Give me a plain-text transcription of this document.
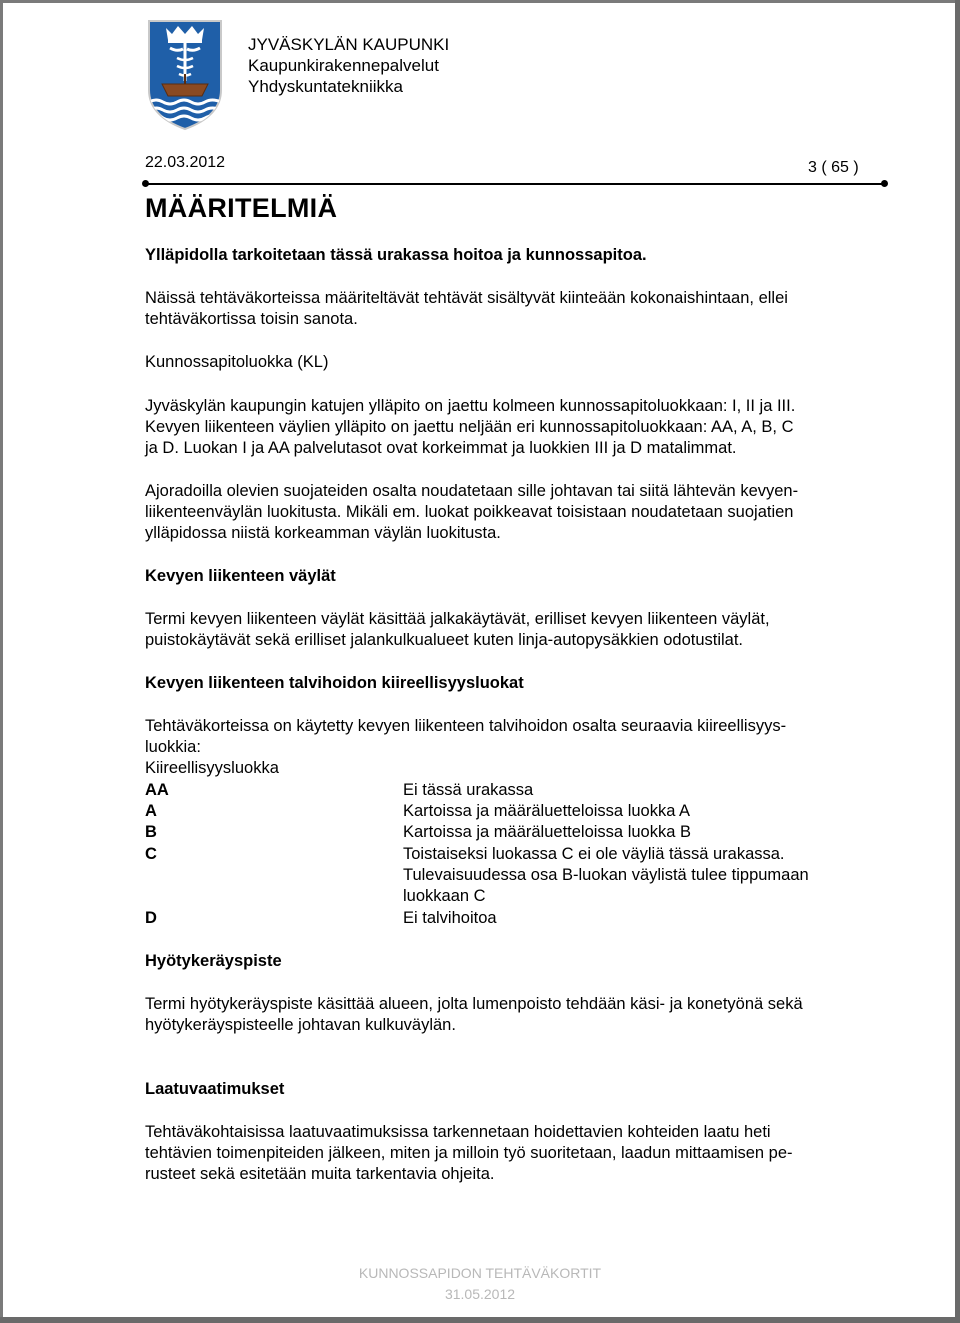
JYVÄSKYLÄN KAUPUNKI
Kaupunkirakennepalvelut
Yhdyskuntatekniikka
22.03.2012	3 ( 65 )
MÄÄRITELMIÄ
Ylläpidolla tarkoitetaan tässä urakassa hoitoa ja kunnossapitoa.
Näissä tehtäväkorteissa määriteltävät tehtävät sisältyvät kiinteään kokonaishintaan, ellei
tehtäväkortissa toisin sanota.
Kunnossapitoluokka (KL)
Jyväskylän kaupungin katujen ylläpito on jaettu kolmeen kunnossapitoluokkaan: I, II ja III.
Kevyen liikenteen väylien ylläpito on jaettu neljään eri kunnossapitoluokkaan: AA, A, B, C
ja D. Luokan I ja AA palvelutasot ovat korkeimmat ja luokkien III ja D matalimmat.
Ajoradoilla olevien suojateiden osalta noudatetaan sille johtavan tai siitä lähtevän kevyen-
liikenteenväylän luokitusta. Mikäli em. luokat poikkeavat toisistaan noudatetaan suojatien
ylläpidossa niistä korkeamman väylän luokitusta.
Kevyen liikenteen väylät
Termi kevyen liikenteen väylät käsittää jalkakäytävät, erilliset kevyen liikenteen väylät,
puistokäytävät sekä erilliset jalankulkualueet kuten linja-autopysäkkien odotustilat.
Kevyen liikenteen talvihoidon kiireellisyysluokat
Tehtäväkorteissa on käytetty kevyen liikenteen talvihoidon osalta seuraavia kiireellisyys-
luokkia:
Kiireellisyysluokka
AA	Ei tässä urakassa
A	Kartoissa ja määräluetteloissa luokka A
B	Kartoissa ja määräluetteloissa luokka B
C	Toistaiseksi luokassa C ei ole väyliä tässä urakassa.
Tulevaisuudessa osa B-luokan väylistä tulee tippumaan
luokkaan C
D	Ei talvihoitoa
Hyötykeräyspiste
Termi hyötykeräyspiste käsittää alueen, jolta lumenpoisto tehdään käsi- ja konetyönä sekä
hyötykeräyspisteelle johtavan kulkuväylän.
Laatuvaatimukset
Tehtäväkohtaisissa laatuvaatimuksissa tarkennetaan hoidettavien kohteiden laatu heti
tehtävien toimenpiteiden jälkeen, miten ja milloin työ suoritetaan, laadun mittaamisen pe-
rusteet sekä esitetään muita tarkentavia ohjeita.
KUNNOSSAPIDON TEHTÄVÄKORTIT
31.05.2012
